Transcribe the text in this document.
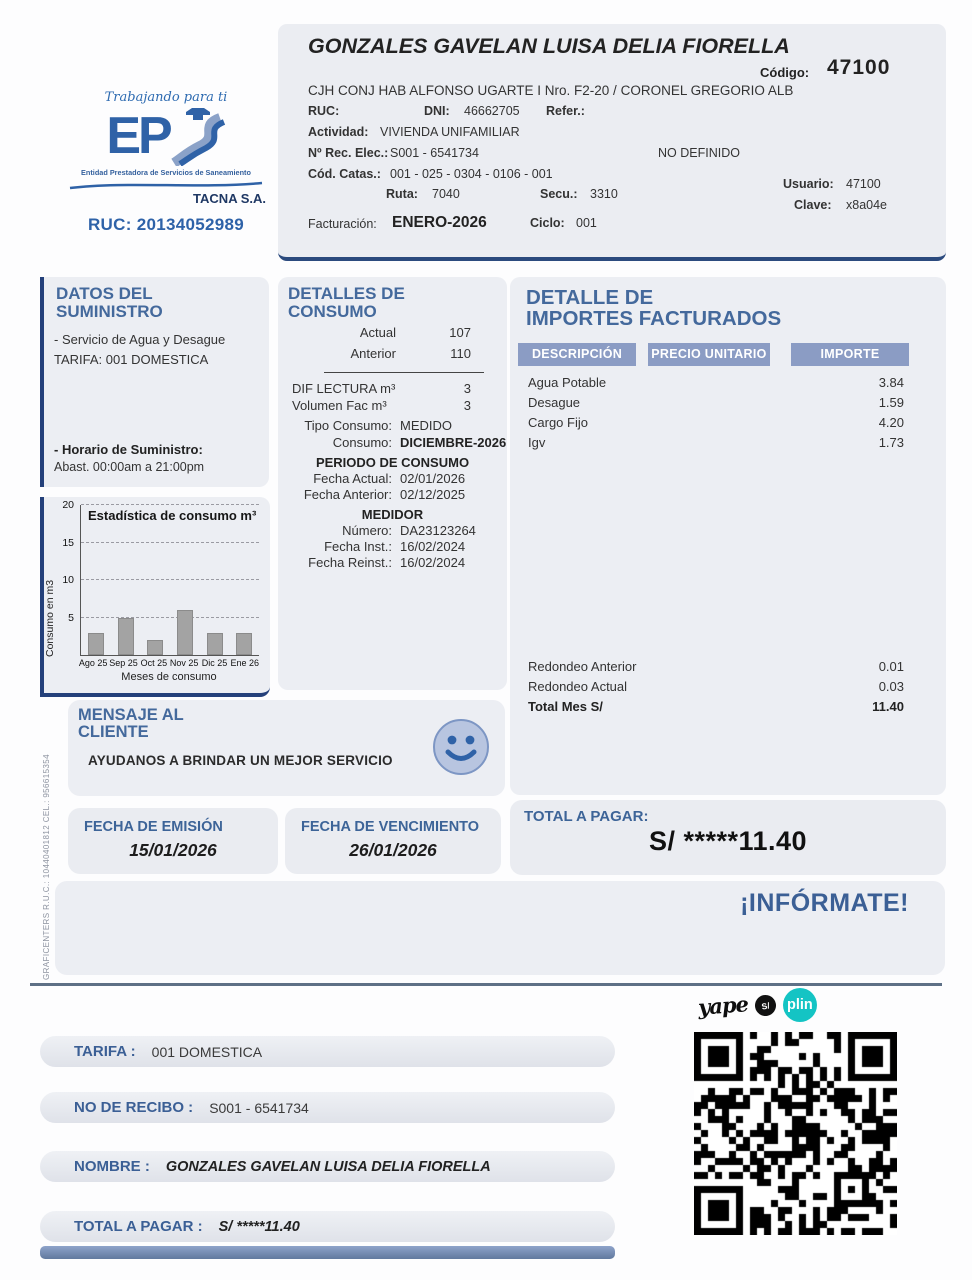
Trabajando para ti
EP
Entidad Prestadora de Servicios de Saneamiento
TACNA S.A.
RUC: 20134052989
GONZALES GAVELAN LUISA DELIA FIORELLA
Código: 47100
CJH CONJ HAB ALFONSO UGARTE I Nro. F2-20 / CORONEL GREGORIO ALB
RUC:	DNI: 46662705 Refer.:
Actividad: VIVIENDA UNIFAMILIAR
Nº Rec. Elec.: S001 - 6541734	NO DEFINIDO
Cód. Catas.: 001 - 025 - 0304 - 0106 - 001
Ruta: 7040	Secu.: 3310
Usuario: 47100
Clave: x8a04e
Facturación: ENERO-2026	Ciclo: 001
DATOS DEL
SUMINISTRO
- Servicio de Agua y Desague
TARIFA: 001 DOMESTICA
- Horario de Suministro:
Abast. 00:00am a 21:00pm
Consumo en m3 5
10
15
20
Estadística de consumo m³
Ago 25 Sep 25 Oct 25 Nov 25 Dic 25 Ene 26
Meses de consumo
DETALLES DE
CONSUMO
Actual	107
Anterior	110
DIF LECTURA m³	3
Volumen Fac m³	3
Tipo Consumo: MEDIDO
Consumo: DICIEMBRE-2026
PERIODO DE CONSUMO
Fecha Actual: 02/01/2026
Fecha Anterior: 02/12/2025
MEDIDOR
Número: DA23123264
Fecha Inst.: 16/02/2024
Fecha Reinst.: 16/02/2024
DETALLE DE
IMPORTES FACTURADOS
DESCRIPCIÓN	PRECIO UNITARIO	IMPORTE
Agua Potable	3.84
Desague	1.59
Cargo Fijo	4.20
Igv	1.73
Redondeo Anterior	0.01
Redondeo Actual	0.03
Total Mes S/	11.40
MENSAJE AL
CLIENTE
AYUDANOS A BRINDAR UN MEJOR SERVICIO
FECHA DE EMISIÓN
15/01/2026
FECHA DE VENCIMIENTO
26/01/2026
TOTAL A PAGAR:
S/ *****11.40
¡INFÓRMATE!
GRAFICENTERS R.U.C.: 10440401812 CEL.: 956615354
yape	S/	plin
TARIFA : 001 DOMESTICA
NO DE RECIBO : S001 - 6541734
NOMBRE : GONZALES GAVELAN LUISA DELIA FIORELLA
TOTAL A PAGAR : S/ *****11.40
